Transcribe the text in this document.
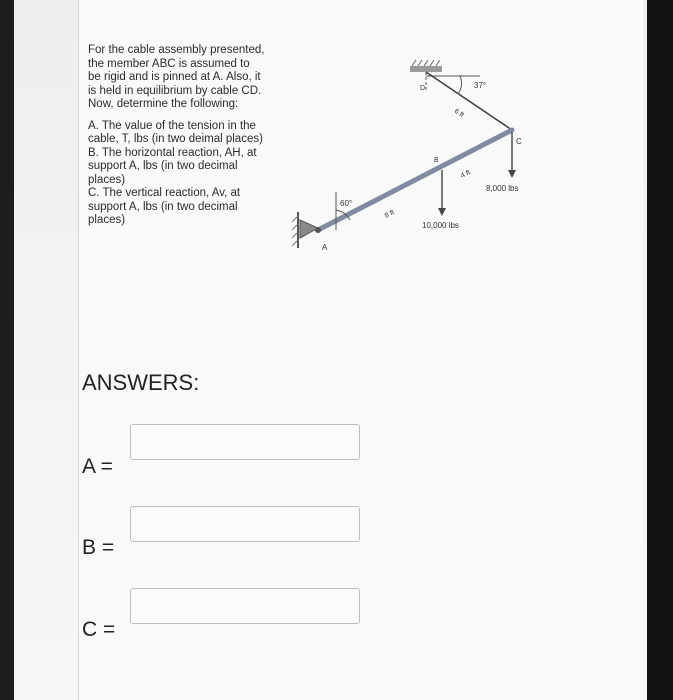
For the cable assembly presented,
the member ABC is assumed to
be rigid and is pinned at A. Also, it
is held in equilibrium by cable CD.
Now, determine the following:

A. The value of the tension in the
cable, T, lbs (in two deimal places)

B. The horizontal reaction, AH, at
support A, lbs (in two decimal
places)

C. The vertical reaction, Av, at
support A, lbs (in two decimal
places)

37°
60°
A
B
C
D
6 ft
8 ft
4 ft
10,000 lbs
8,000 lbs
ANSWERS:
A =
B =
C =
